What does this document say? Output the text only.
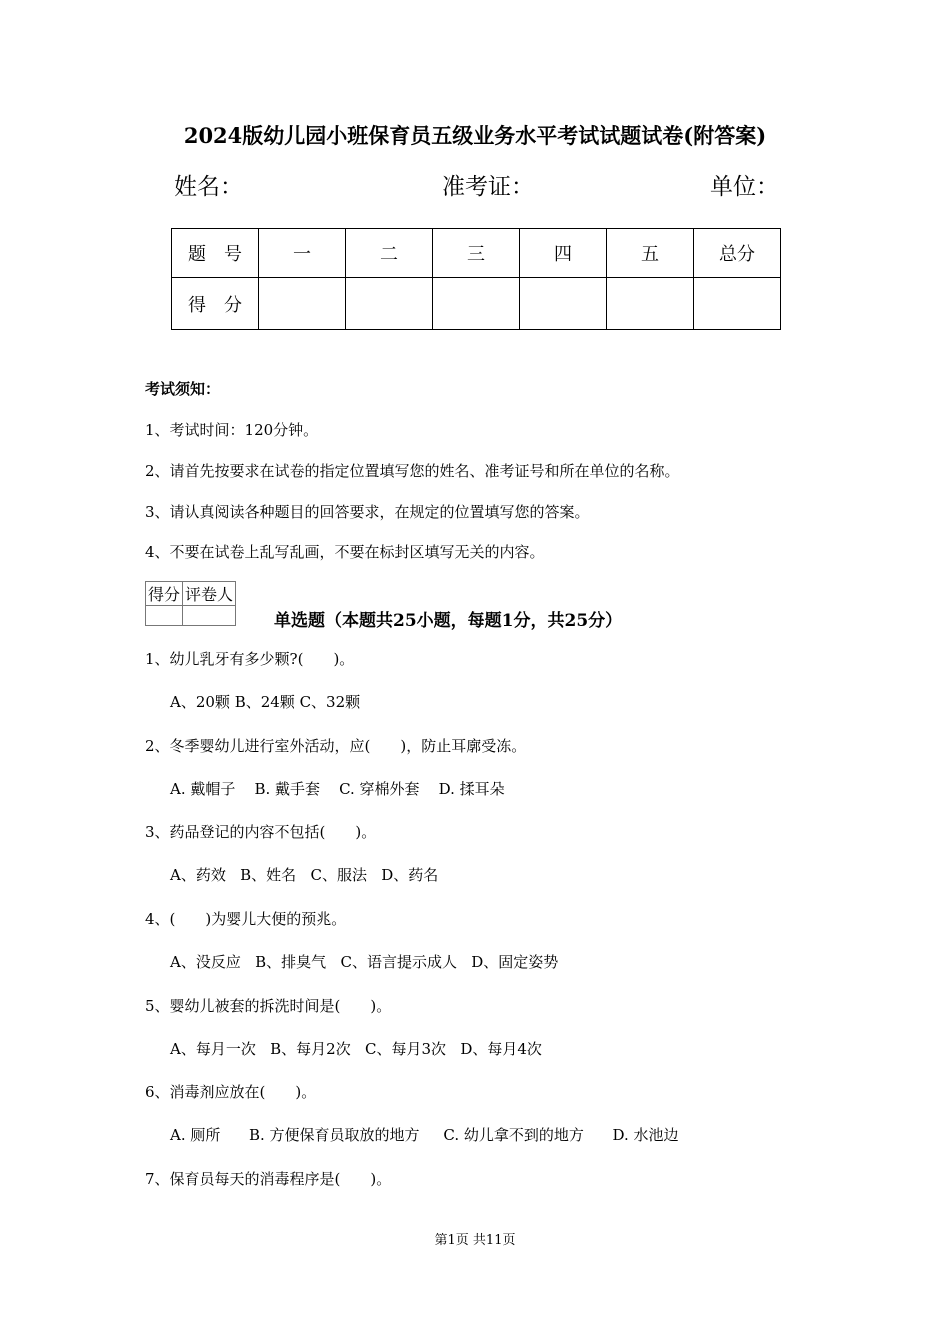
2024版幼儿园小班保育员五级业务水平考试试题试卷(附答案)
姓名：	准考证：	单位：
题　号	一	二	三	四	五	总分
得　分						
考试须知：
1、考试时间：120分钟。
2、请首先按要求在试卷的指定位置填写您的姓名、准考证号和所在单位的名称。
3、请认真阅读各种题目的回答要求，在规定的位置填写您的答案。
4、不要在试卷上乱写乱画，不要在标封区填写无关的内容。
得分	评卷人

单选题（本题共25小题，每题1分，共25分）
1、幼儿乳牙有多少颗?(　　)。
A、20颗 B、24颗 C、32颗
2、冬季婴幼儿进行室外活动，应(　　)，防止耳廓受冻。
A. 戴帽子    B. 戴手套    C. 穿棉外套    D. 揉耳朵
3、药品登记的内容不包括(　　)。
A、药效   B、姓名   C、服法   D、药名
4、(　　)为婴儿大便的预兆。
A、没反应   B、排臭气   C、语言提示成人   D、固定姿势
5、婴幼儿被套的拆洗时间是(　　)。
A、每月一次   B、每月2次   C、每月3次   D、每月4次
6、消毒剂应放在(　　)。
A. 厕所      B. 方便保育员取放的地方     C. 幼儿拿不到的地方      D. 水池边
7、保育员每天的消毒程序是(　　)。
第1页 共11页
